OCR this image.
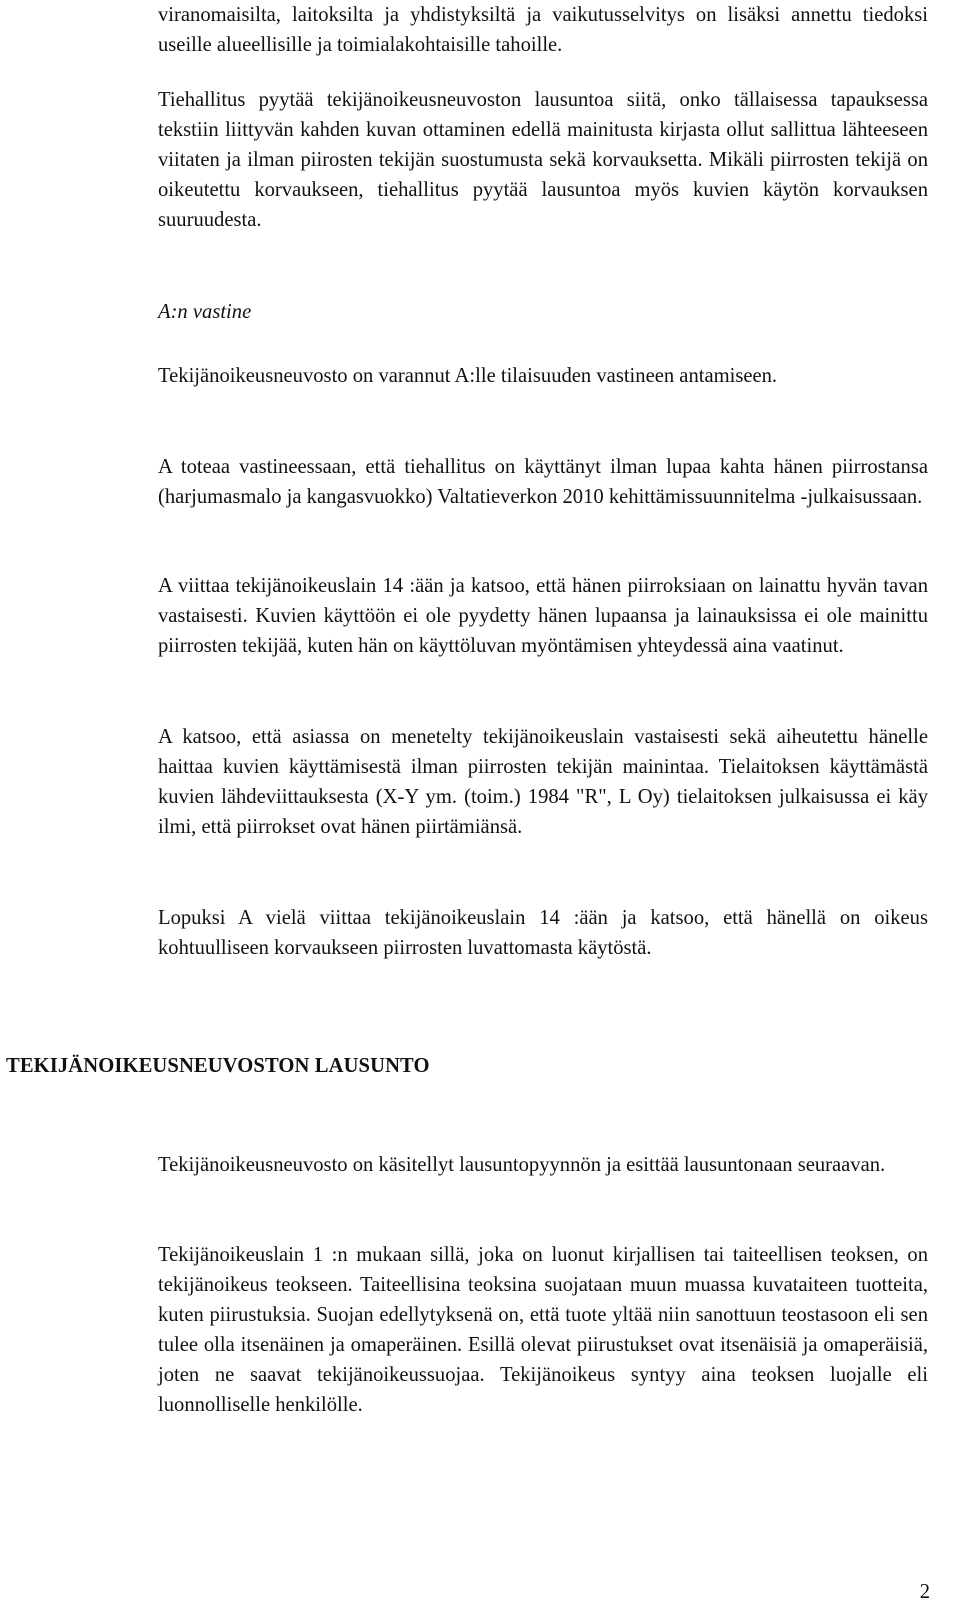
viranomaisilta, laitoksilta ja yhdistyksiltä ja vaikutusselvitys on lisäksi annettu tiedoksi useille alueellisille ja toimialakohtaisille tahoille.

Tiehallitus pyytää tekijänoikeusneuvoston lausuntoa siitä, onko tällaisessa tapauksessa tekstiin liittyvän kahden kuvan ottaminen edellä mainitusta kirjasta ollut sallittua lähteeseen viitaten ja ilman piirosten tekijän suostumusta sekä korvauksetta. Mikäli piirrosten tekijä on oikeutettu korvaukseen, tiehallitus pyytää lausuntoa myös kuvien käytön korvauksen suuruudesta.

A:n vastine

Tekijänoikeusneuvosto on varannut A:lle tilaisuuden vastineen antamiseen.

A toteaa vastineessaan, että tiehallitus on käyttänyt ilman lupaa kahta hänen piirrostansa (harjumasmalo ja kangasvuokko) Valtatieverkon 2010 kehittämissuunnitelma -julkaisussaan.

A viittaa tekijänoikeuslain 14 :ään ja katsoo, että hänen piirroksiaan on lainattu hyvän tavan vastaisesti. Kuvien käyttöön ei ole pyydetty hänen lupaansa ja lainauksissa ei ole mainittu piirrosten tekijää, kuten hän on käyttöluvan myöntämisen yhteydessä aina vaatinut.

A katsoo, että asiassa on menetelty tekijänoikeuslain vastaisesti sekä aiheutettu hänelle haittaa kuvien käyttämisestä ilman piirrosten tekijän mainintaa. Tielaitoksen käyttämästä kuvien lähdeviittauksesta (X-Y ym. (toim.) 1984 "R", L Oy) tielaitoksen julkaisussa ei käy ilmi, että piirrokset ovat hänen piirtämiänsä.

Lopuksi A vielä viittaa tekijänoikeuslain 14 :ään ja katsoo, että hänellä on oikeus kohtuulliseen korvaukseen piirrosten luvattomasta käytöstä.

TEKIJÄNOIKEUSNEUVOSTON LAUSUNTO

Tekijänoikeusneuvosto on käsitellyt lausuntopyynnön ja esittää lausuntonaan seuraavan.

Tekijänoikeuslain 1 :n mukaan sillä, joka on luonut kirjallisen tai taiteellisen teoksen, on tekijänoikeus teokseen. Taiteellisina teoksina suojataan muun muassa kuvataiteen tuotteita, kuten piirustuksia. Suojan edellytyksenä on, että tuote yltää niin sanottuun teostasoon eli sen tulee olla itsenäinen ja omaperäinen. Esillä olevat piirustukset ovat itsenäisiä ja omaperäisiä, joten ne saavat tekijänoikeussuojaa. Tekijänoikeus syntyy aina teoksen luojalle eli luonnolliselle henkilölle.

2
